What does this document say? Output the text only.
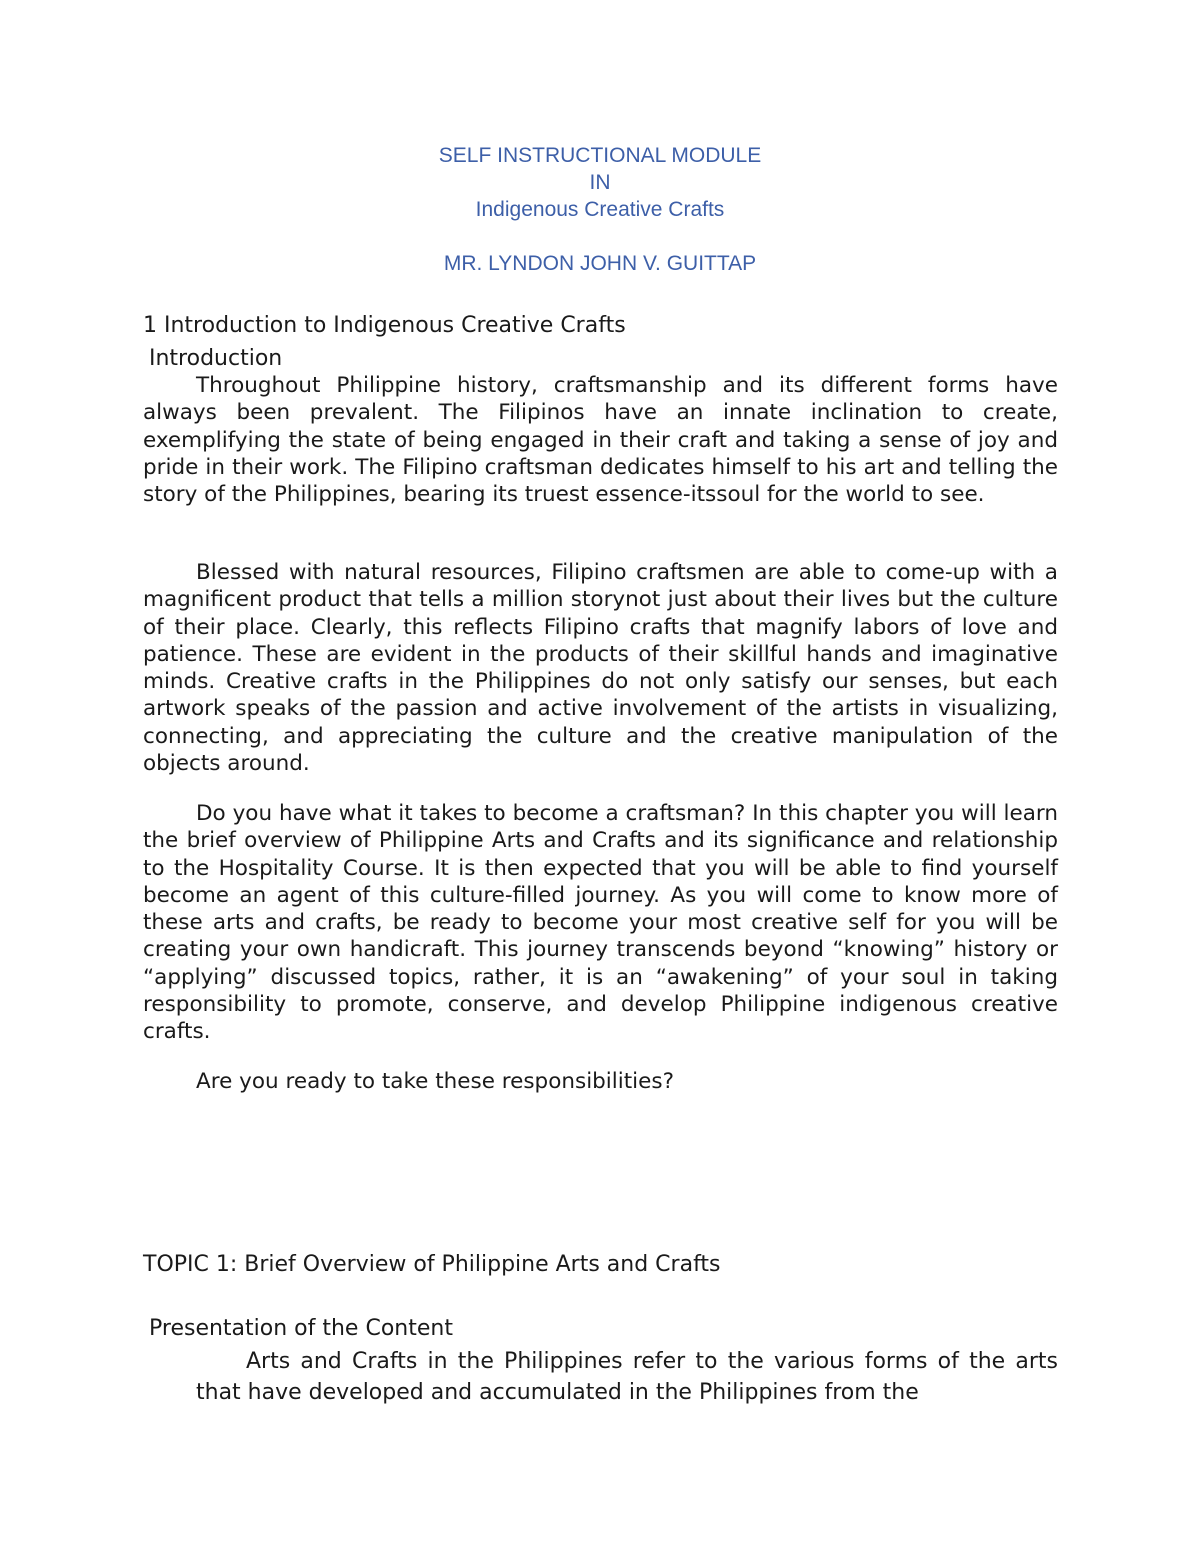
SELF INSTRUCTIONAL MODULE
IN
Indigenous Creative Crafts
MR. LYNDON JOHN V. GUITTAP
1 Introduction to Indigenous Creative Crafts
Introduction

Throughout Philippine history, craftsmanship and its different forms have always been prevalent. The Filipinos have an innate inclination to create, exemplifying the state of being engaged in their craft and taking a sense of joy and pride in their work. The Filipino craftsman dedicates himself to his art and telling the story of the Philippines, bearing its truest essence-itssoul for the world to see.

Blessed with natural resources, Filipino craftsmen are able to come-up with a magnificent product that tells a million storynot just about their lives but the culture of their place. Clearly, this reflects Filipino crafts that magnify labors of love and patience. These are evident in the products of their skillful hands and imaginative minds. Creative crafts in the Philippines do not only satisfy our senses, but each artwork speaks of the passion and active involvement of the artists in visualizing, connecting, and appreciating the culture and the creative manipulation of the objects around.

Do you have what it takes to become a craftsman? In this chapter you will learn the brief overview of Philippine Arts and Crafts and its significance and relationship to the Hospitality Course. It is then expected that you will be able to find yourself become an agent of this culture-filled journey. As you will come to know more of these arts and crafts, be ready to become your most creative self for you will be creating your own handicraft. This journey transcends beyond “knowing” history or “applying” discussed topics, rather, it is an “awakening” of your soul in taking responsibility to promote, conserve, and develop Philippine indigenous creative crafts.

Are you ready to take these responsibilities?
TOPIC 1: Brief Overview of Philippine Arts and Crafts
Presentation of the Content

Arts and Crafts in the Philippines refer to the various forms of the arts that have developed and accumulated in the Philippines from the
